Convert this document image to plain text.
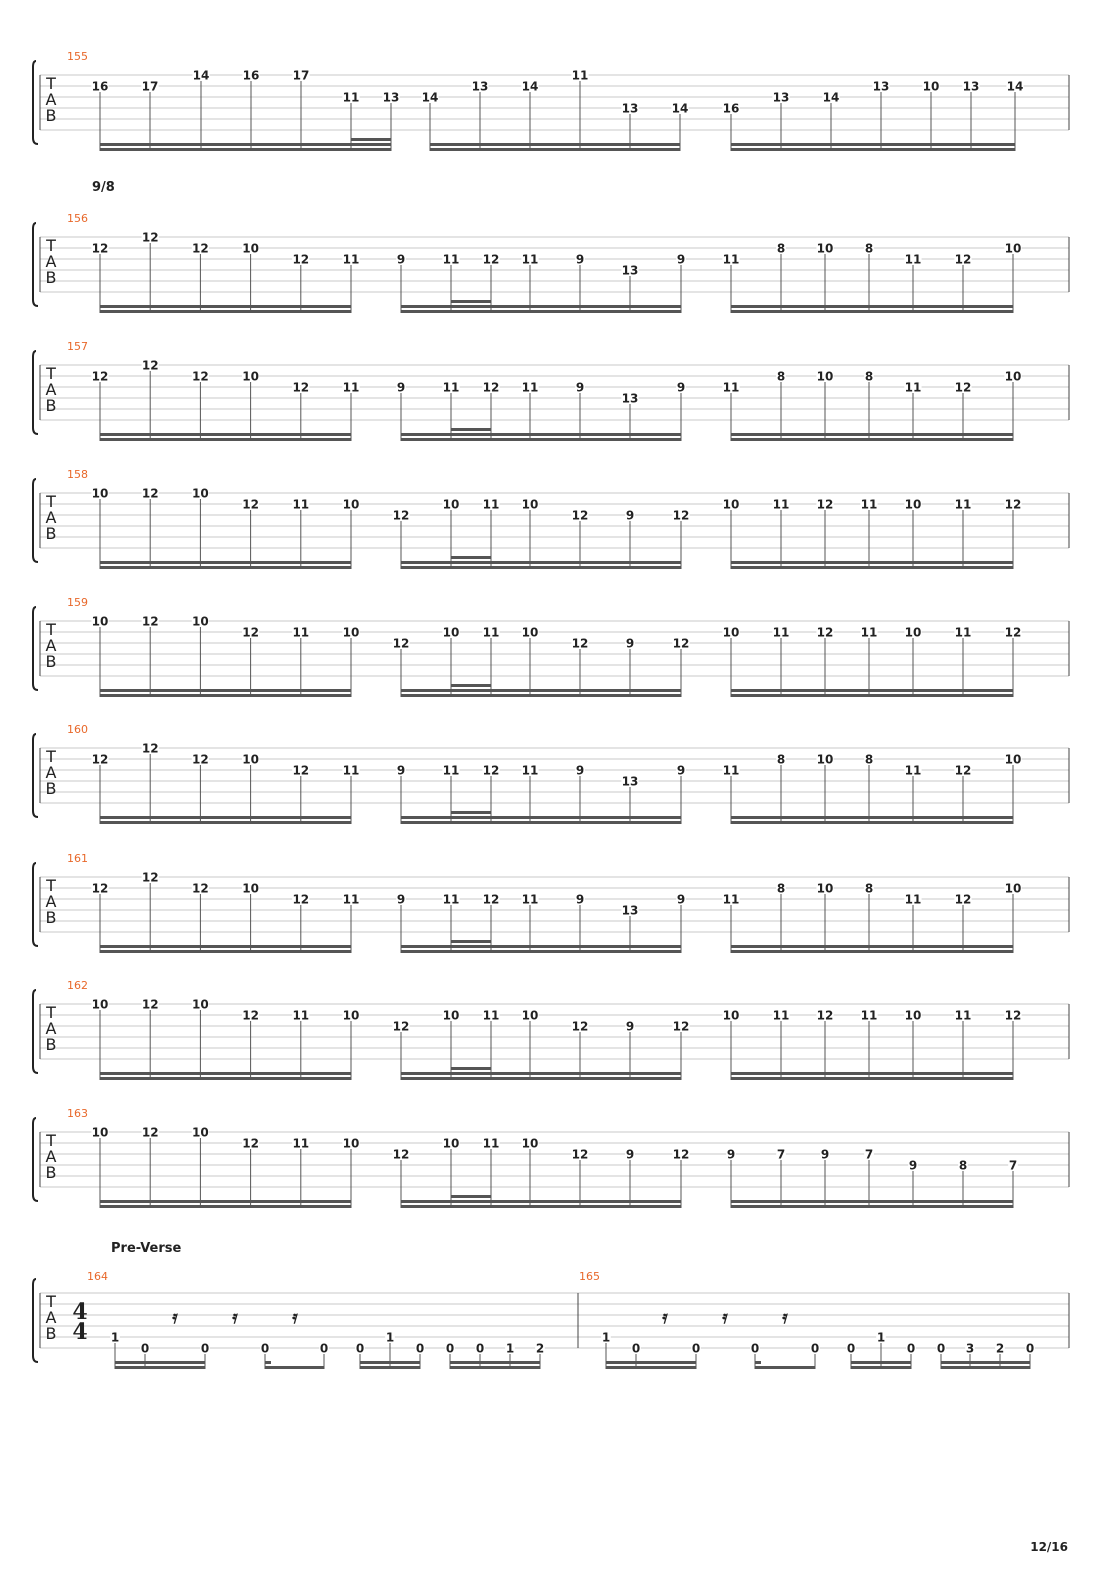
T
A
B
155
16	17
14	16	17
11 13 14
13	14
11
13	14	16
13	14
13	10 13 14
T
A
B
156
9/8
12
12
12	10
12	11	9	11 12 11	9
13
9	11
8	10	8
11	12
10
T
A
B
157
12
12
12	10
12	11	9	11 12 11	9
13
9	11
8	10	8
11	12
10
T
A
B
158
10	12	10
12	11	10
12
10 11 10
12	9	12
10	11 12 11 10	11	12
T
A
B
159
10	12	10
12	11	10
12
10 11 10
12	9	12
10	11 12 11 10	11	12
T
A
B
160
12
12
12	10
12	11	9	11 12 11	9
13
9	11
8	10	8
11	12
10
T
A
B
161
12
12
12	10
12	11	9	11 12 11	9
13
9	11
8	10	8
11	12
10
T
A
B
162
10	12	10
12	11	10
12
10 11 10
12	9	12
10	11 12 11 10	11	12
T
A
B
163
10	12	10
12	11	10
12
10 11 10
12	9	12	9	7	9	7
9	8	7
T
A
B
Pre-Verse
4
4
164
𝄿	𝄿	𝄿
1
0	0	0	0 0
1
0 0 0 1 2
165
𝄿	𝄿	𝄿
1
0	0	0	0 0
1
0 0 3 2 0
12/16
